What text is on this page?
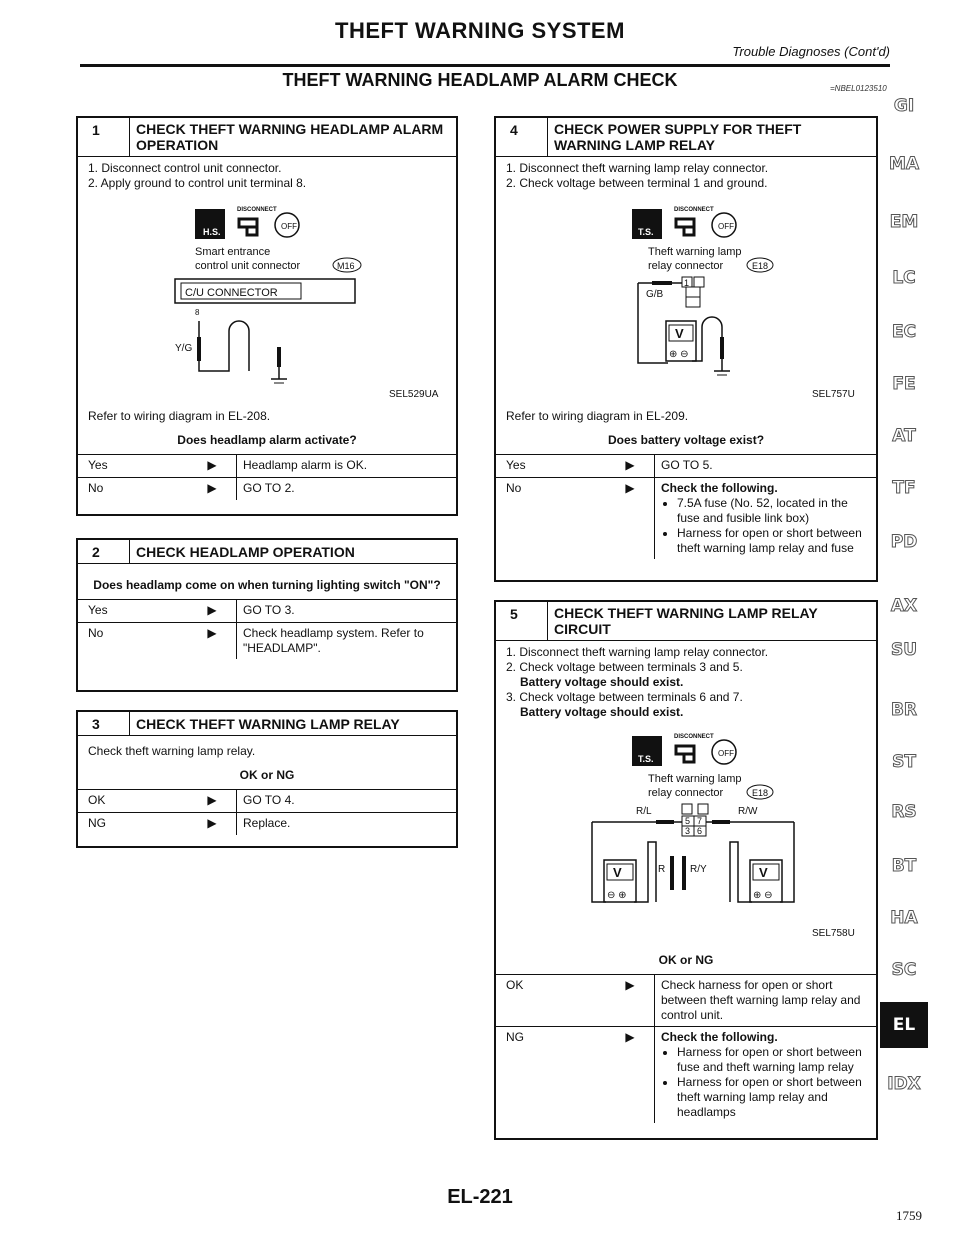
THEFT WARNING SYSTEM
Trouble Diagnoses (Cont'd)
THEFT WARNING HEADLAMP ALARM CHECK	=NBEL0123510
1	CHECK THEFT WARNING HEADLAMP ALARM OPERATION
1. Disconnect control unit connector.
2. Apply ground to control unit terminal 8.
H.S.
DISCONNECT
OFF
Smart entrance
control unit connector	M16
C/U CONNECTOR
8
Y/G
SEL529UA
Refer to wiring diagram in EL-208.
Does headlamp alarm activate?
Yes	▶	Headlamp alarm is OK.
No	▶	GO TO 2.
2	CHECK HEADLAMP OPERATION
Does headlamp come on when turning lighting switch "ON"?
Yes	▶	GO TO 3.
No	▶	Check headlamp system. Refer to "HEADLAMP".
3	CHECK THEFT WARNING LAMP RELAY
Check theft warning lamp relay.
OK or NG
OK	▶	GO TO 4.
NG	▶	Replace.
4	CHECK POWER SUPPLY FOR THEFT WARNING LAMP RELAY
1. Disconnect theft warning lamp relay connector.
2. Check voltage between terminal 1 and ground.
T.S.
DISCONNECT
OFF
Theft warning lamp
relay connector	E18
1
G/B
V
⊕ ⊖
SEL757U
Refer to wiring diagram in EL-209.
Does battery voltage exist?
Yes	▶	GO TO 5.
No	▶	Check the following.
• 7.5A fuse (No. 52, located in the fuse and fusible link box)
• Harness for open or short between theft warning lamp relay and fuse
5	CHECK THEFT WARNING LAMP RELAY CIRCUIT
1. Disconnect theft warning lamp relay connector.
2. Check voltage between terminals 3 and 5.
Battery voltage should exist.
3. Check voltage between terminals 6 and 7.
Battery voltage should exist.
T.S.
DISCONNECT
OFF
Theft warning lamp
relay connector	E18
R/L	R/W
5 7
3 6
V
⊖ ⊕
V
⊕ ⊖
R R/Y
SEL758U
OK or NG
OK	▶	Check harness for open or short between theft warning lamp relay and control unit.
NG	▶	Check the following.
• Harness for open or short between fuse and theft warning lamp relay
• Harness for open or short between theft warning lamp relay and headlamps
GI
MA
EM
LC
EC
FE
AT
TF
PD
AX
SU
BR
ST
RS
BT
HA
SC
EL
IDX
EL-221
1759
